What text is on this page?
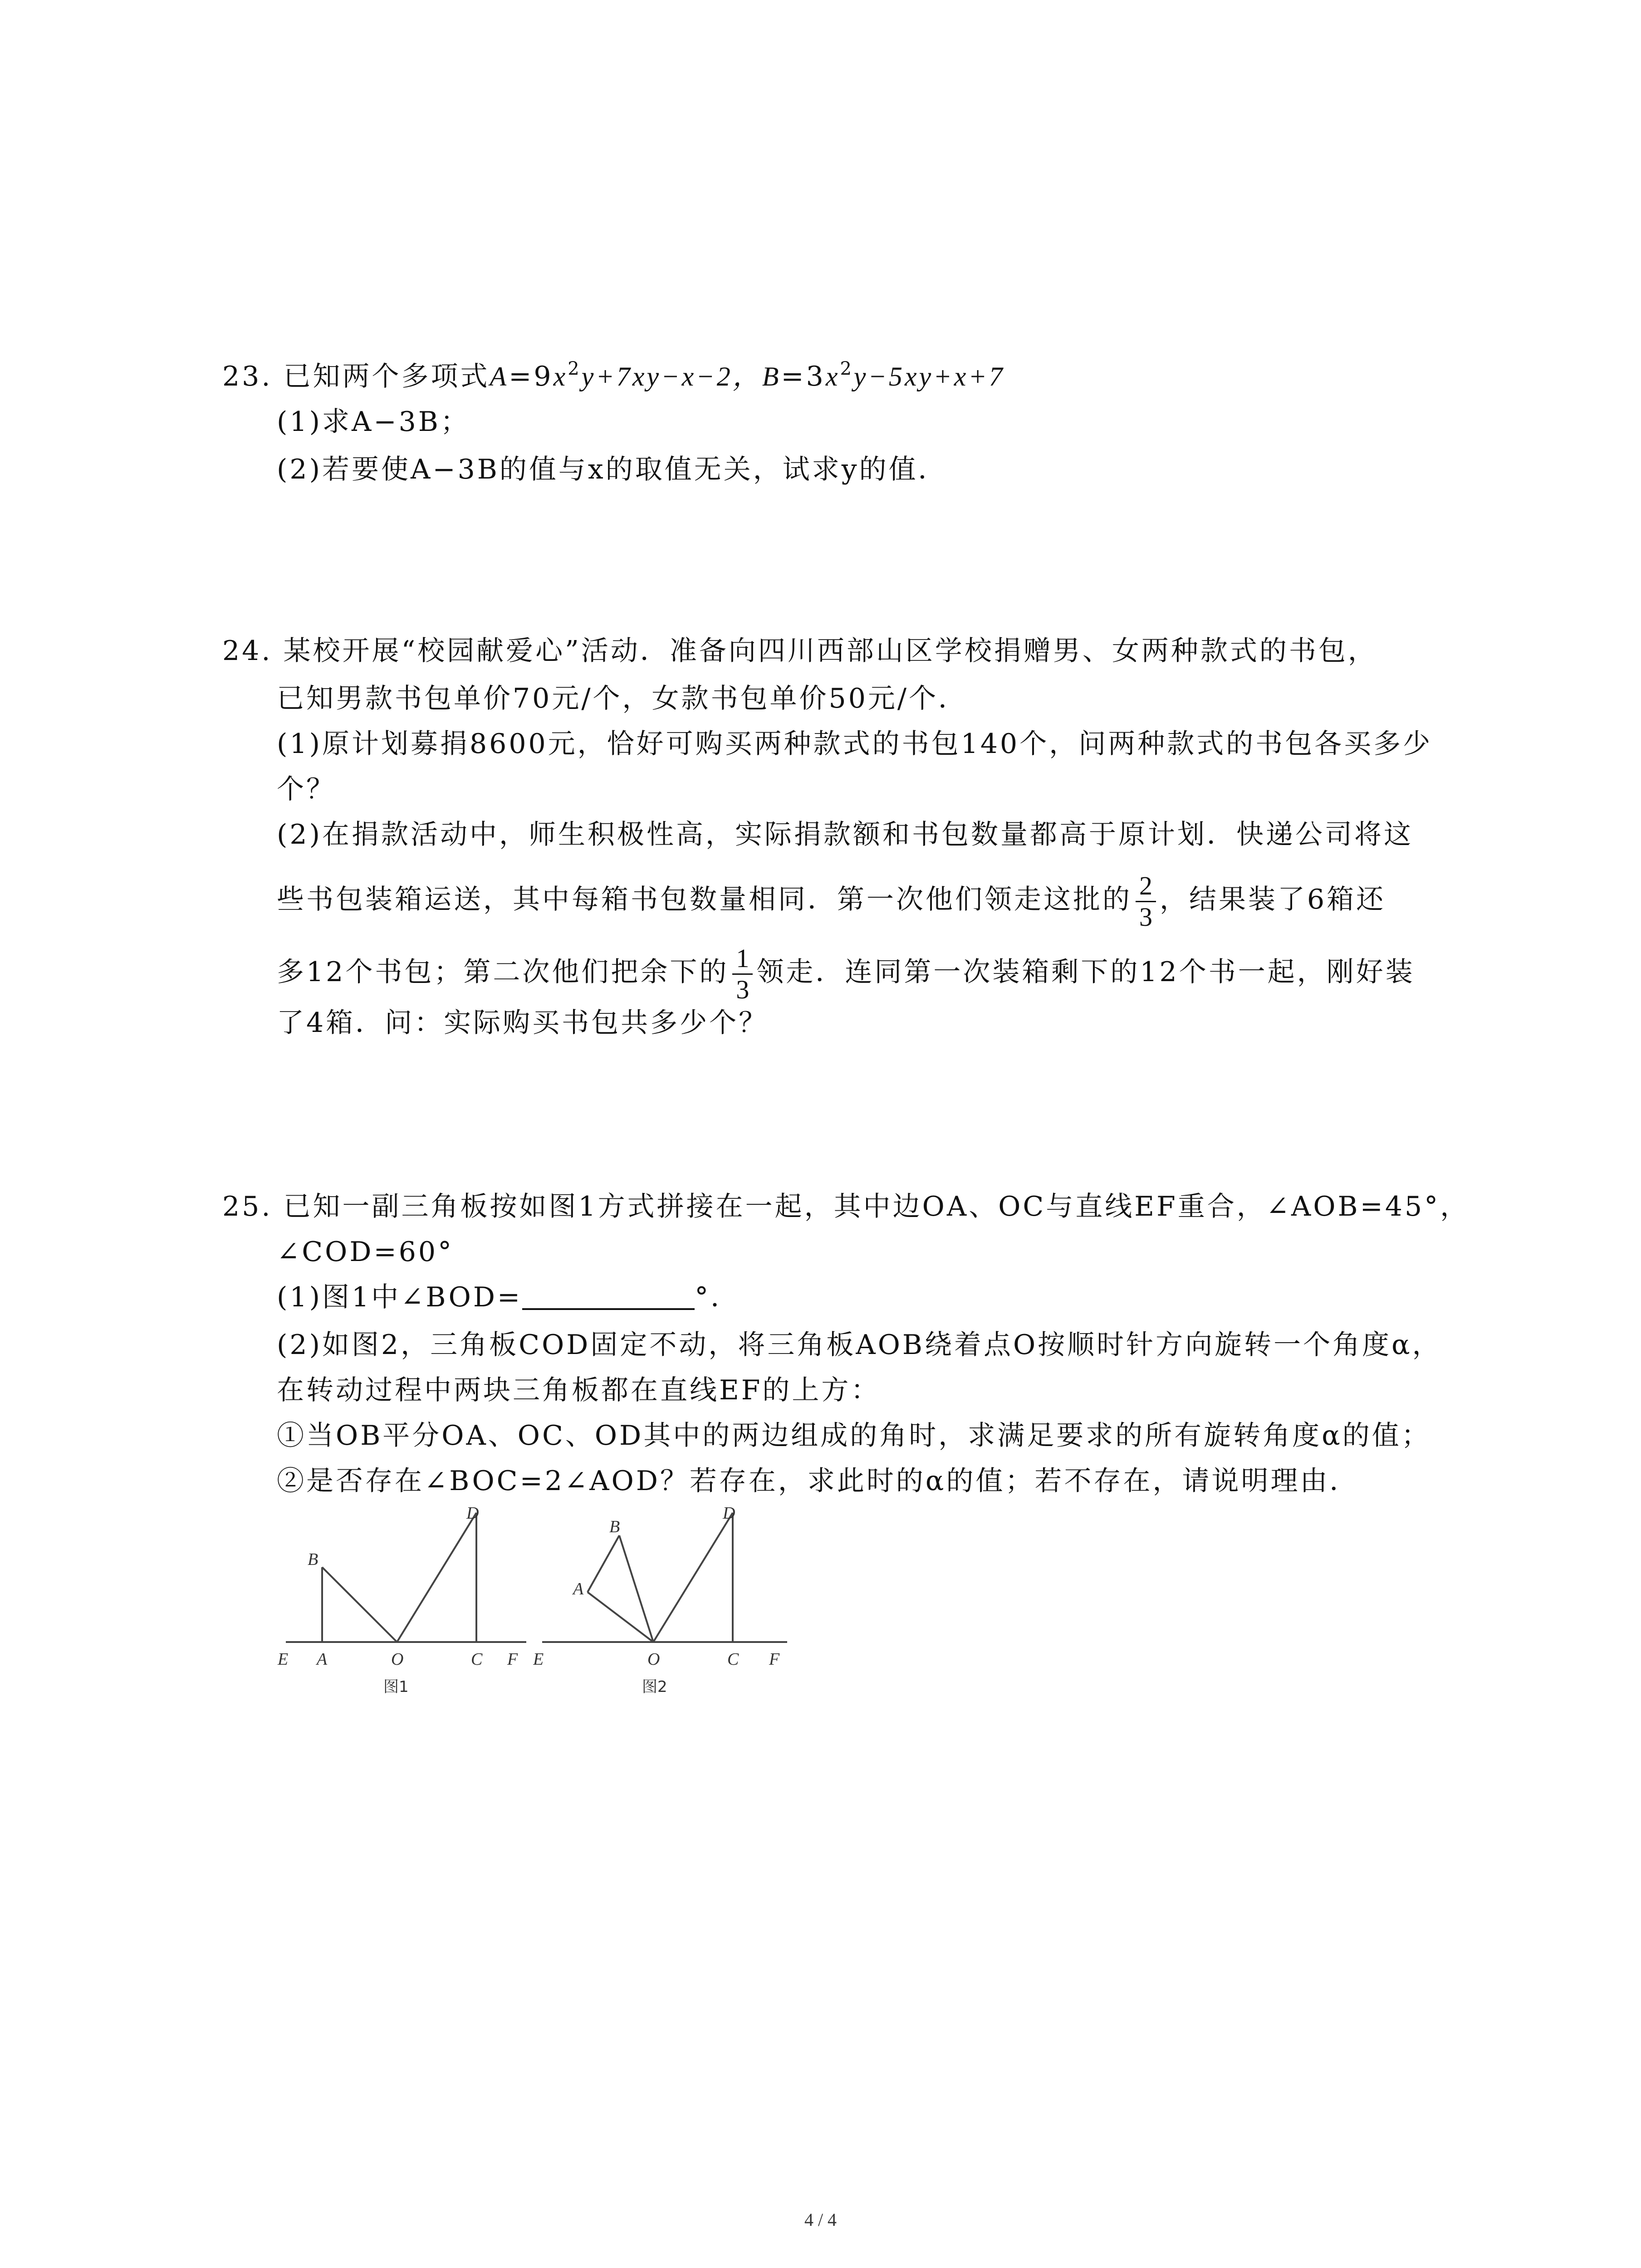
23. 已知两个多项式$A=9x^2y+7xy-x-2$，$B=3x^2y-5xy+x+7$
(1)求A−3B；
(2)若要使A−3B的值与x的取值无关，试求y的值．
24. 某校开展“校园献爱心”活动．准备向四川西部山区学校捐赠男、女两种款式的书包，
已知男款书包单价70元/个，女款书包单价50元/个．
(1)原计划募捐8600元，恰好可购买两种款式的书包140个，问两种款式的书包各买多少
个？
(2)在捐款活动中，师生积极性高，实际捐款额和书包数量都高于原计划．快递公司将这
些书包装箱运送，其中每箱书包数量相同．第一次他们领走这批的 $\frac{2}{3}$ ，结果装了6箱还
多12个书包；第二次他们把余下的 $\frac{1}{3}$ 领走．连同第一次装箱剩下的12个书一起，刚好装
了4箱．问：实际购买书包共多少个？
25. 已知一副三角板按如图1方式拼接在一起，其中边OA、OC与直线EF重合，∠AOB=45°，
∠COD=60°
(1)图1中∠BOD=	°．
(2)如图2，三角板COD固定不动，将三角板AOB绕着点O按顺时针方向旋转一个角度α，
在转动过程中两块三角板都在直线EF的上方：
①当OB平分OA、OC、OD其中的两边组成的角时，求满足要求的所有旋转角度α的值；
②是否存在∠BOC=2∠AOD？若存在，求此时的α的值；若不存在，请说明理由．
E A	O	C F
B
D
图1
E	O	C F
A
B
D
图2
4 / 4
